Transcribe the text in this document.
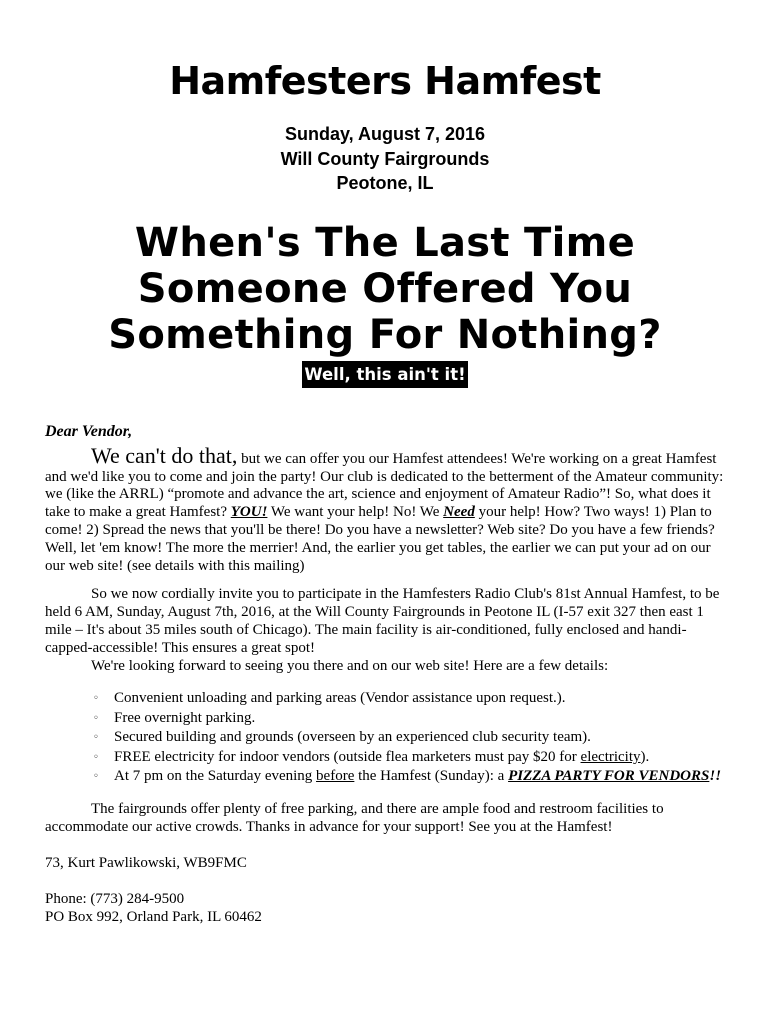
Hamfesters Hamfest
Sunday, August 7, 2016
Will County Fairgrounds
Peotone, IL
When's The Last Time
Someone Offered You
Something For Nothing?
Well, this ain't it!
Dear Vendor,

We can't do that, but we can offer you our Hamfest attendees! We're working on a great Hamfest and we'd like you to come and join the party! Our club is dedicated to the betterment of the Amateur community: we (like the ARRL) “promote and advance the art, science and enjoyment of Amateur Radio”! So, what does it take to make a great Hamfest? YOU! We want your help! No! We Need your help! How? Two ways! 1) Plan to come! 2) Spread the news that you'll be there! Do you have a newsletter? Web site? Do you have a few friends? Well, let 'em know! The more the merrier! And, the earlier you get tables, the earlier we can put your ad on our our web site! (see details with this mailing)

So we now cordially invite you to participate in the Hamfesters Radio Club's 81st Annual Hamfest, to be held 6 AM, Sunday, August 7th, 2016, at the Will County Fairgrounds in Peotone IL (I-57 exit 327 then east 1 mile – It's about 35 miles south of Chicago). The main facility is air-conditioned, fully enclosed and handi-capped-accessible! This ensures a great spot!

We're looking forward to seeing you there and on our web site! Here are a few details:

◦ Convenient unloading and parking areas (Vendor assistance upon request.).
◦ Free overnight parking.
◦ Secured building and grounds (overseen by an experienced club security team).
◦ FREE electricity for indoor vendors (outside flea marketers must pay $20 for electricity).
◦ At 7 pm on the Saturday evening before the Hamfest (Sunday): a PIZZA PARTY FOR VENDORS!!

The fairgrounds offer plenty of free parking, and there are ample food and restroom facilities to accommodate our active crowds. Thanks in advance for your support! See you at the Hamfest!

73, Kurt Pawlikowski, WB9FMC
Phone: (773) 284-9500
PO Box 992, Orland Park, IL 60462
